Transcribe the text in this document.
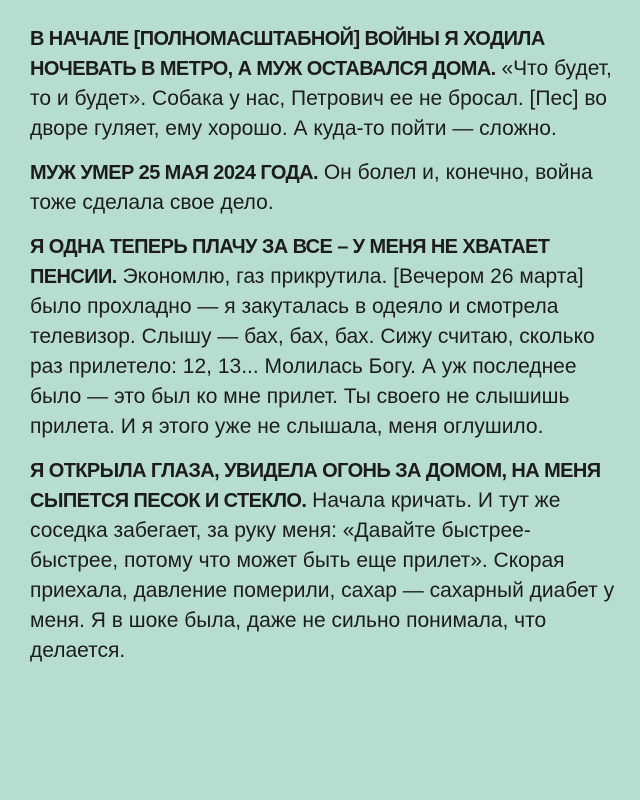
В НАЧАЛЕ [ПОЛНОМАСШТАБНОЙ] ВОЙНЫ Я ХОДИЛА НОЧЕВАТЬ В МЕТРО, А МУЖ ОСТАВАЛСЯ ДОМА. «Что будет, то и будет». Собака у нас, Петрович ее не бросал. [Пес] во дворе гуляет, ему хорошо. А куда-то пойти — сложно.

МУЖ УМЕР 25 МАЯ 2024 ГОДА. Он болел и, конечно, война тоже сделала свое дело.

Я ОДНА ТЕПЕРЬ ПЛАЧУ ЗА ВСЕ – У МЕНЯ НЕ ХВАТАЕТ ПЕНСИИ. Экономлю, газ прикрутила. [Вечером 26 марта] было прохладно — я закуталась в одеяло и смотрела телевизор. Слышу — бах, бах, бах. Сижу считаю, сколько раз прилетело: 12, 13... Молилась Богу. А уж последнее было — это был ко мне прилет. Ты своего не слышишь прилета. И я этого уже не слышала, меня оглушило.

Я ОТКРЫЛА ГЛАЗА, УВИДЕЛА ОГОНЬ ЗА ДОМОМ, НА МЕНЯ СЫПЕТСЯ ПЕСОК И СТЕКЛО. Начала кричать. И тут же соседка забегает, за руку меня: «Давайте быстрее-быстрее, потому что может быть еще прилет». Скорая приехала, давление померили, сахар — сахарный диабет у меня. Я в шоке была, даже не сильно понимала, что делается.
